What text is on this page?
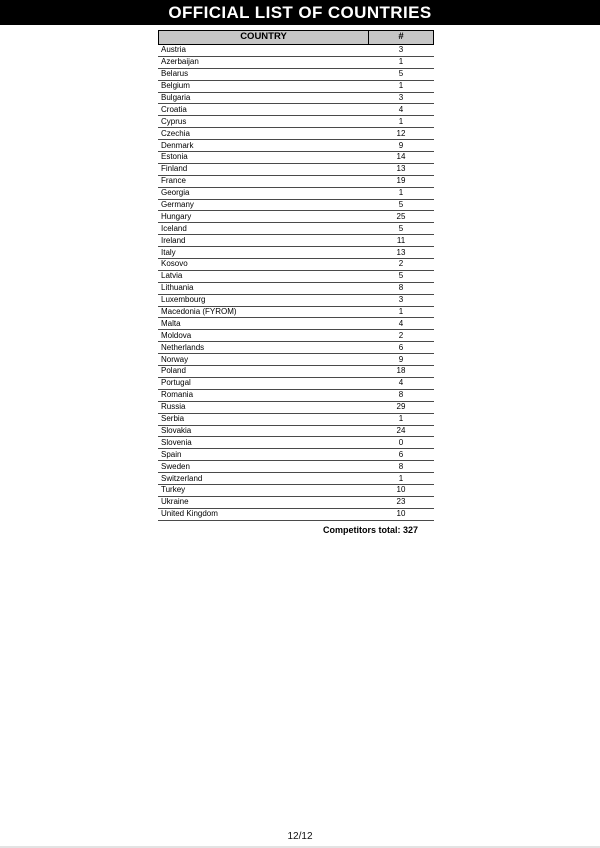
OFFICIAL LIST OF COUNTRIES
COUNTRY	#
Austria	3
Azerbaijan	1
Belarus	5
Belgium	1
Bulgaria	3
Croatia	4
Cyprus	1
Czechia	12
Denmark	9
Estonia	14
Finland	13
France	19
Georgia	1
Germany	5
Hungary	25
Iceland	5
Ireland	11
Italy	13
Kosovo	2
Latvia	5
Lithuania	8
Luxembourg	3
Macedonia (FYROM)	1
Malta	4
Moldova	2
Netherlands	6
Norway	9
Poland	18
Portugal	4
Romania	8
Russia	29
Serbia	1
Slovakia	24
Slovenia	0
Spain	6
Sweden	8
Switzerland	1
Turkey	10
Ukraine	23
United Kingdom	10
Competitors total: 327
12/12
